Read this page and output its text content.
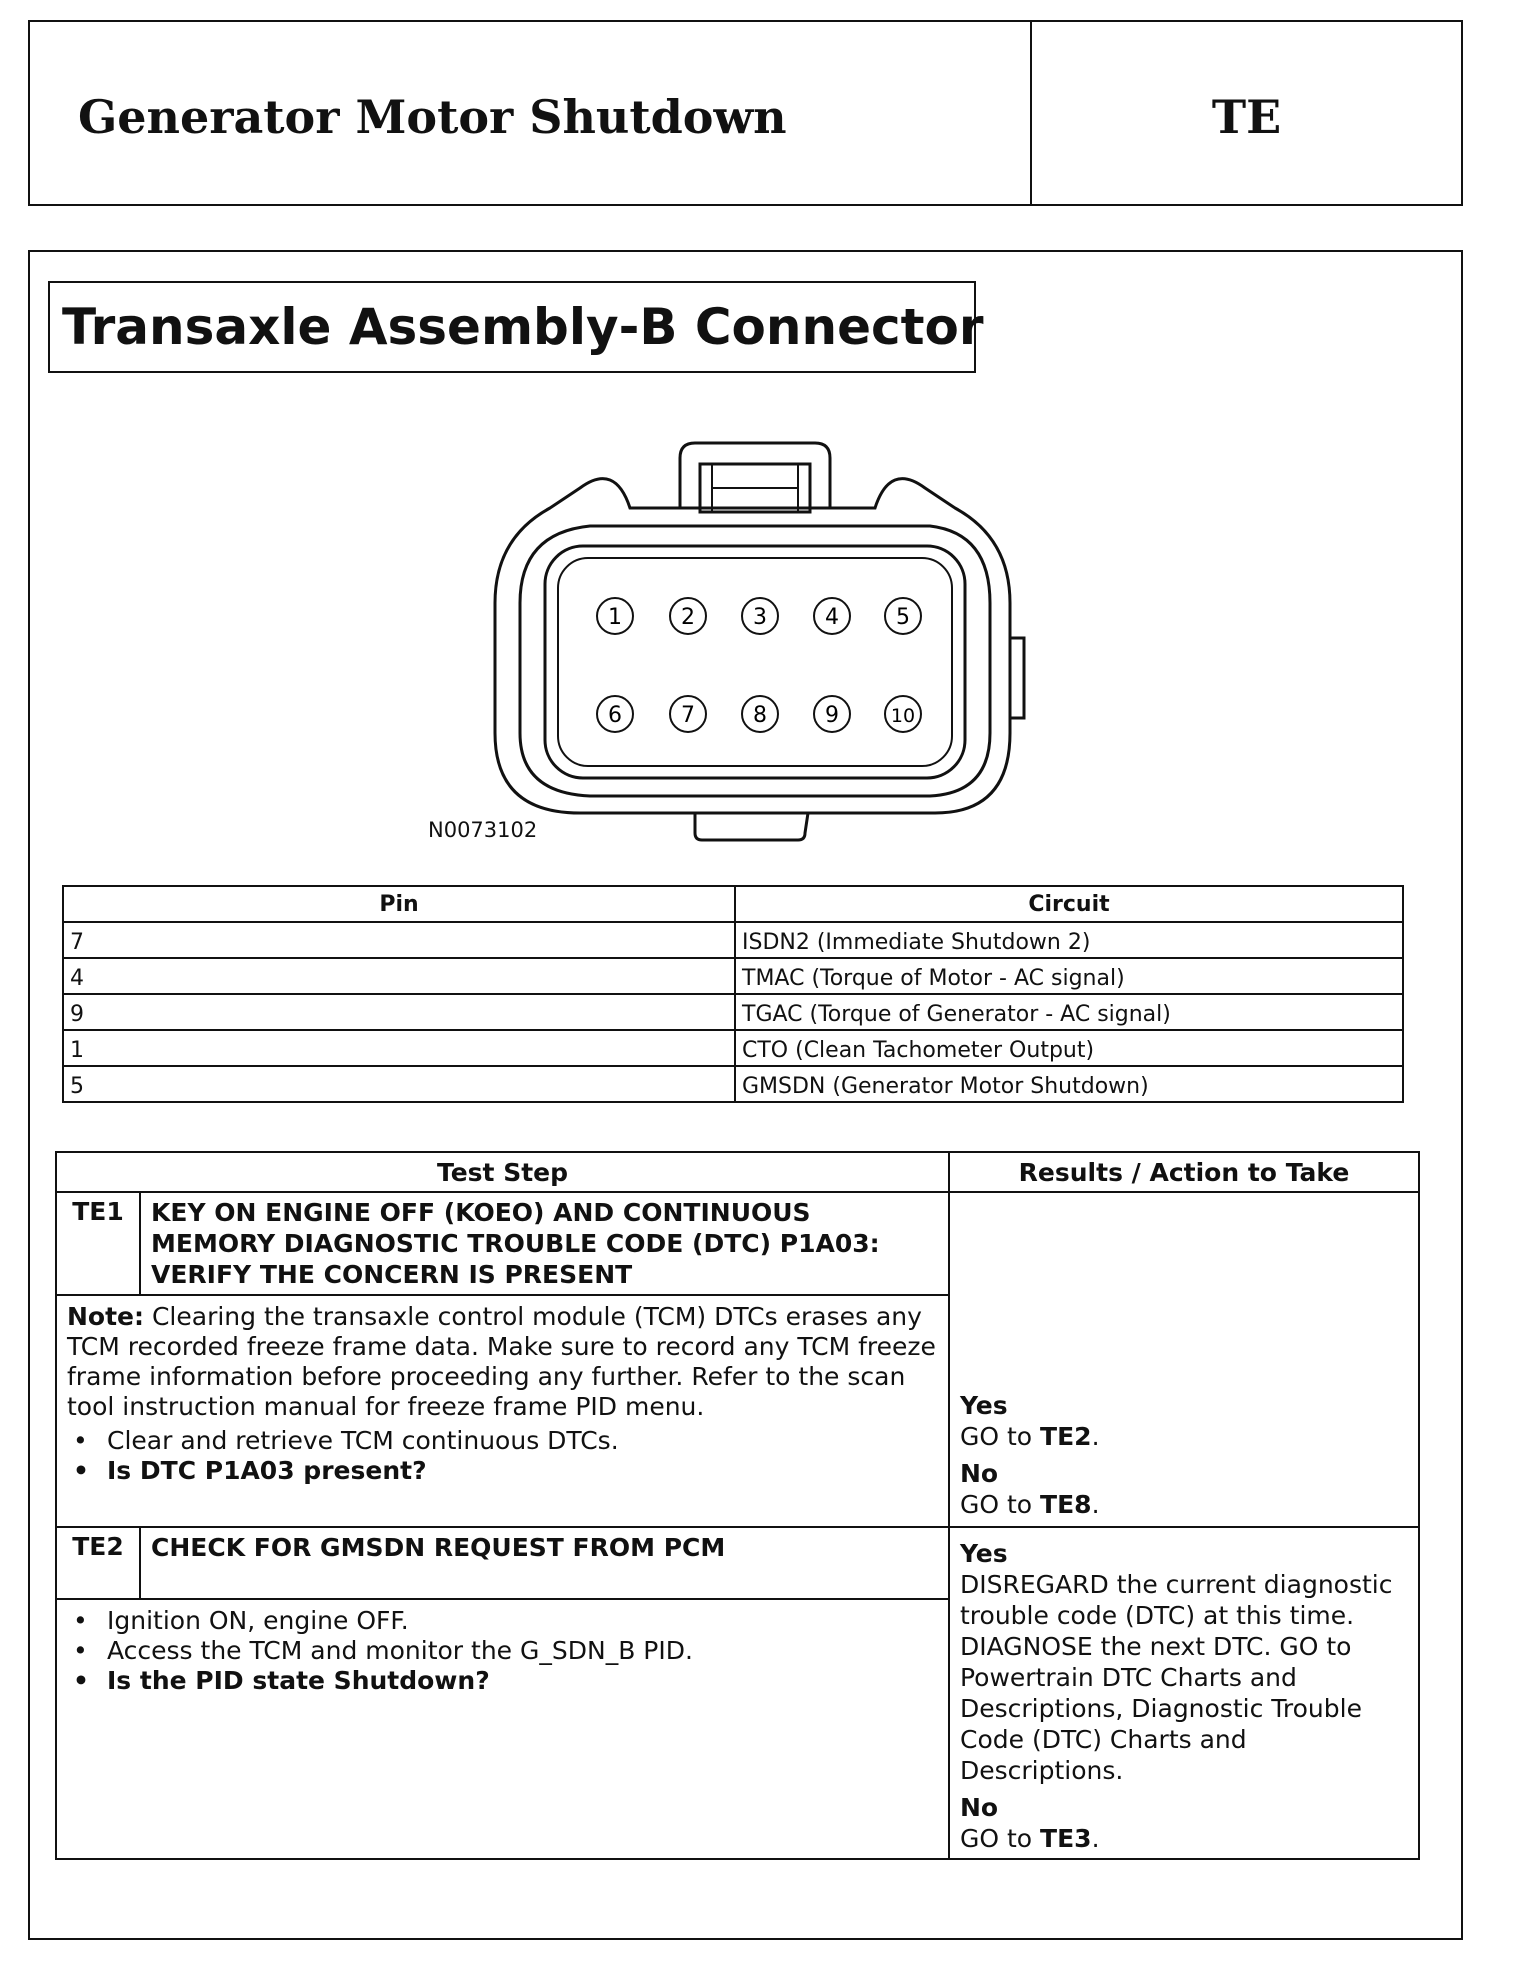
Generator Motor Shutdown	TE
Transaxle Assembly-B Connector
1	2	3	4	5
6	7	8	9	10
N0073102
Pin	Circuit
7	ISDN2 (Immediate Shutdown 2)
4	TMAC (Torque of Motor - AC signal)
9	TGAC (Torque of Generator - AC signal)
1	CTO (Clean Tachometer Output)
5	GMSDN (Generator Motor Shutdown)
Test Step		Results / Action to Take
TE1	KEY ON ENGINE OFF (KOEO) AND CONTINUOUS MEMORY DIAGNOSTIC TROUBLE CODE (DTC) P1A03: VERIFY THE CONCERN IS PRESENT	Yes
GO to TE2.
No
GO to TE8.

Note: Clearing the transaxle control module (TCM) DTCs erases any TCM recorded freeze frame data. Make sure to record any TCM freeze frame information before proceeding any further. Refer to the scan tool instruction manual for freeze frame PID menu.
• Clear and retrieve TCM continuous DTCs.
• Is DTC P1A03 present?

TE2	CHECK FOR GMSDN REQUEST FROM PCM	Yes
DISREGARD the current diagnostic trouble code (DTC) at this time. DIAGNOSE the next DTC. GO to Powertrain DTC Charts and Descriptions, Diagnostic Trouble Code (DTC) Charts and Descriptions.
No
GO to TE3.

• Ignition ON, engine OFF.
• Access the TCM and monitor the G_SDN_B PID.
• Is the PID state Shutdown?
